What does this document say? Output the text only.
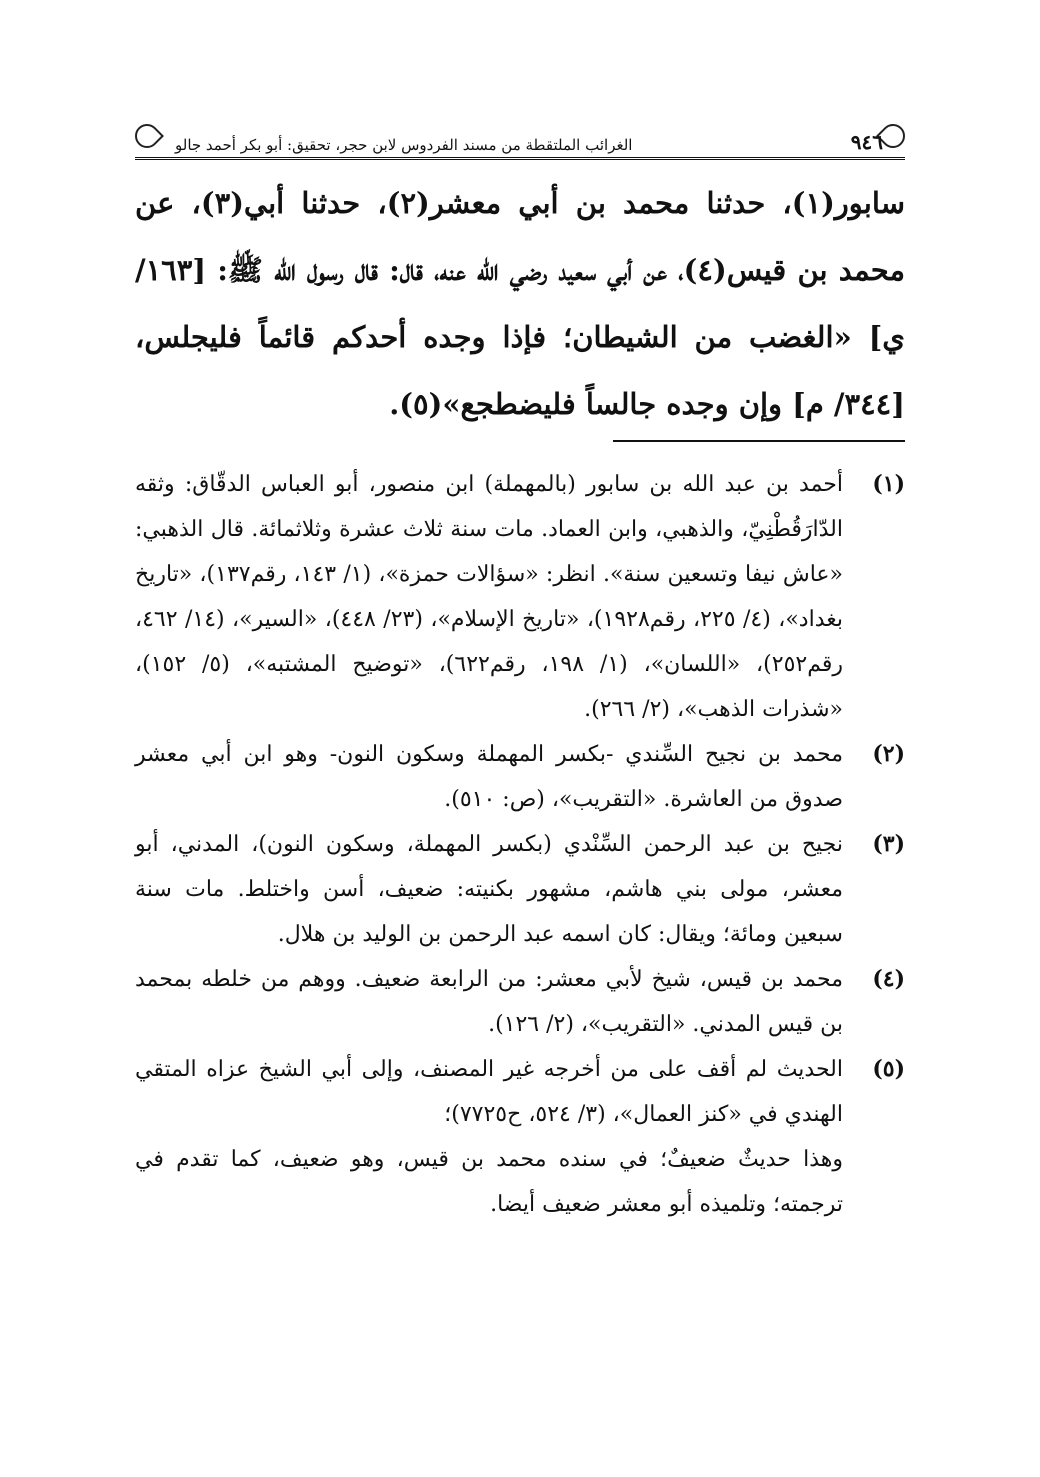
٩٤٦
الغرائب الملتقطة من مسند الفردوس لابن حجر، تحقيق: أبو بكر أحمد جالو

سابور(١)، حدثنا محمد بن أبي معشر(٢)، حدثنا أبي(٣)، عن محمد بن قيس(٤)، عن أبي سعيد رضي الله عنه، قال: قال رسول الله ﷺ: [١٦٣/ ي] «الغضب من الشيطان؛ فإذا وجده أحدكم قائماً فليجلس، [٣٤٤/ م] وإن وجده جالساً فليضطجع»(٥).

(١)

أحمد بن عبد الله بن سابور (بالمهملة) ابن منصور، أبو العباس الدقّاق: وثقه الدّارَقُطْنِيّ، والذهبي، وابن العماد. مات سنة ثلاث عشرة وثلاثمائة. قال الذهبي: «عاش نيفا وتسعين سنة». انظر: «سؤالات حمزة»، (١/ ١٤٣، رقم١٣٧)، «تاريخ بغداد»، (٤/ ٢٢٥، رقم١٩٢٨)، «تاريخ الإسلام»، (٢٣/ ٤٤٨)، «السير»، (١٤/ ٤٦٢، رقم٢٥٢)، «اللسان»، (١/ ١٩٨، رقم٦٢٢)، «توضيح المشتبه»، (٥/ ١٥٢)، «شذرات الذهب»، (٢/ ٢٦٦).

(٢)

محمد بن نجيح السِّندي -بكسر المهملة وسكون النون- وهو ابن أبي معشر صدوق من العاشرة. «التقريب»، (ص: ٥١٠).

(٣)

نجيح بن عبد الرحمن السِّنْدي (بكسر المهملة، وسكون النون)، المدني، أبو معشر، مولى بني هاشم، مشهور بكنيته: ضعيف، أسن واختلط. مات سنة سبعين ومائة؛ ويقال: كان اسمه عبد الرحمن بن الوليد بن هلال.

(٤)

محمد بن قيس، شيخ لأبي معشر: من الرابعة ضعيف. ووهم من خلطه بمحمد بن قيس المدني. «التقريب»، (٢/ ١٢٦).

(٥)

الحديث لم أقف على من أخرجه غير المصنف، وإلى أبي الشيخ عزاه المتقي الهندي في «كنز العمال»، (٣/ ٥٢٤، ح٧٧٢٥)؛

وهذا حديثٌ ضعيفٌ؛ في سنده محمد بن قيس، وهو ضعيف، كما تقدم في ترجمته؛ وتلميذه أبو معشر ضعيف أيضا.
